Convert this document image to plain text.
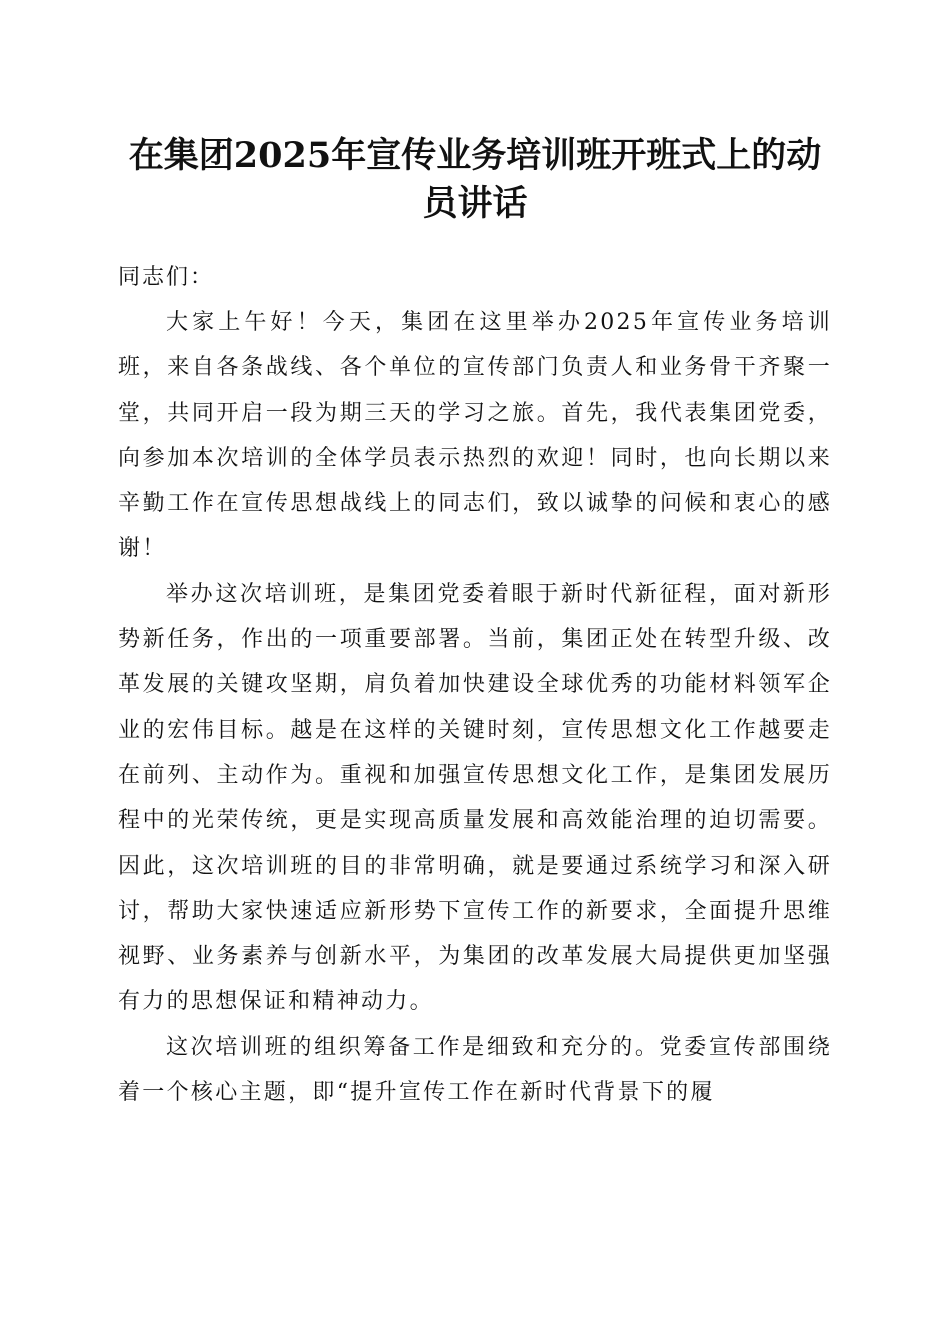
在集团2025年宣传业务培训班开班式上的动员讲话

同志们：

大家上午好！今天，集团在这里举办2025年宣传业务培训班，来自各条战线、各个单位的宣传部门负责人和业务骨干齐聚一堂，共同开启一段为期三天的学习之旅。首先，我代表集团党委，向参加本次培训的全体学员表示热烈的欢迎！同时，也向长期以来辛勤工作在宣传思想战线上的同志们，致以诚挚的问候和衷心的感谢！

举办这次培训班，是集团党委着眼于新时代新征程，面对新形势新任务，作出的一项重要部署。当前，集团正处在转型升级、改革发展的关键攻坚期，肩负着加快建设全球优秀的功能材料领军企业的宏伟目标。越是在这样的关键时刻，宣传思想文化工作越要走在前列、主动作为。重视和加强宣传思想文化工作，是集团发展历程中的光荣传统，更是实现高质量发展和高效能治理的迫切需要。因此，这次培训班的目的非常明确，就是要通过系统学习和深入研讨，帮助大家快速适应新形势下宣传工作的新要求，全面提升思维视野、业务素养与创新水平，为集团的改革发展大局提供更加坚强有力的思想保证和精神动力。

这次培训班的组织筹备工作是细致和充分的。党委宣传部围绕着一个核心主题，即“提升宣传工作在新时代背景下的履
